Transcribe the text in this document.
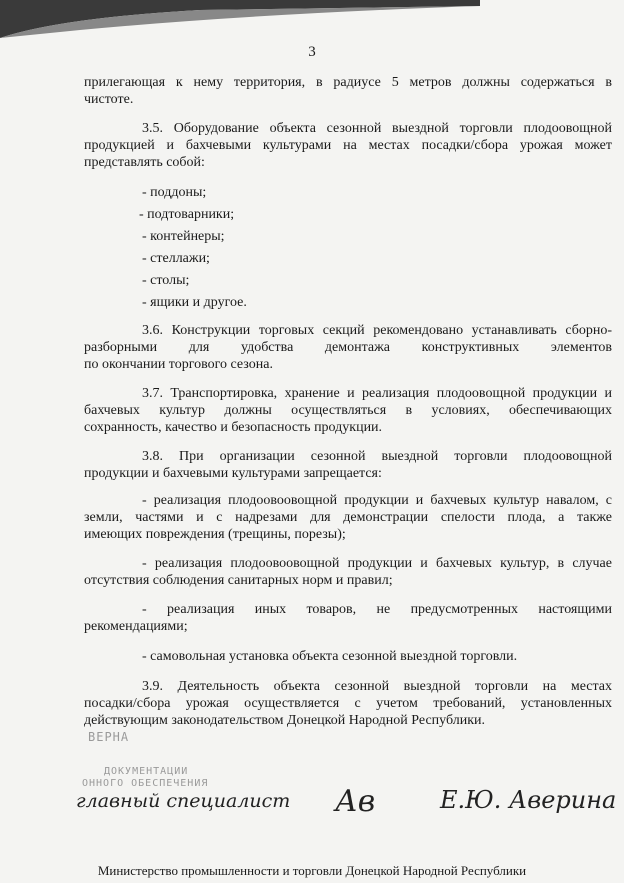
3
прилегающая к нему территория, в радиусе 5 метров должны содержаться в
чистоте.
3.5. Оборудование объекта сезонной выездной торговли плодоовощной
продукцией и бахчевыми культурами на местах посадки/сбора урожая может
представлять собой:
- поддоны;
- подтоварники;
- контейнеры;
- стеллажи;
- столы;
- ящики и другое.
3.6. Конструкции торговых секций рекомендовано устанавливать сборно-
разборными для удобства демонтажа конструктивных элементов
по окончании торгового сезона.
3.7. Транспортировка, хранение и реализация плодоовощной продукции и
бахчевых культур должны осуществляться в условиях, обеспечивающих
сохранность, качество и безопасность продукции.
3.8. При организации сезонной выездной торговли плодоовощной
продукции и бахчевыми культурами запрещается:
- реализация плодоовоовощной продукции и бахчевых культур навалом, с
земли, частями и с надрезами для демонстрации спелости плода, а также
имеющих повреждения (трещины, порезы);
- реализация плодоовоовощной продукции и бахчевых культур, в случае
отсутствия соблюдения санитарных норм и правил;
- реализация иных товаров, не предусмотренных настоящими
рекомендациями;
- самовольная установка объекта сезонной выездной торговли.
3.9. Деятельность объекта сезонной выездной торговли на местах
посадки/сбора урожая осуществляется с учетом требований, установленных
действующим законодательством Донецкой Народной Республики.
ВЕРНА
ДОКУМЕНТАЦИИ
ОННОГО ОБЕСПЕЧЕНИЯ
главный специалист Ав	Е.Ю. Аверина
Министерство промышленности и торговли Донецкой Народной Республики
